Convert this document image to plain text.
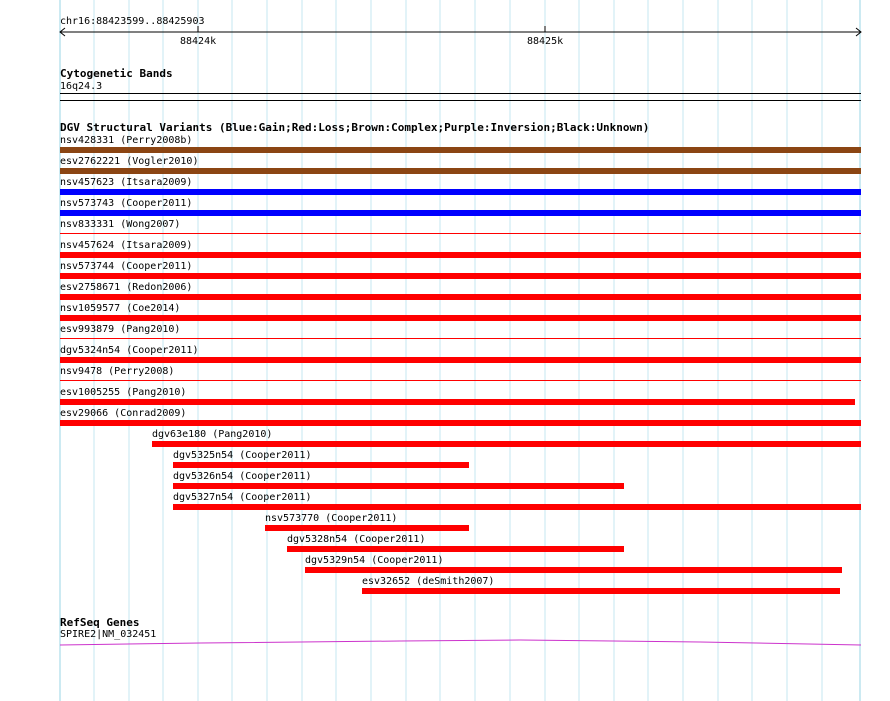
chr16:88423599..88425903
88424k	88425k
Cytogenetic Bands
16q24.3
DGV Structural Variants (Blue:Gain;Red:Loss;Brown:Complex;Purple:Inversion;Black:Unknown)
nsv428331 (Perry2008b)
esv2762221 (Vogler2010)
nsv457623 (Itsara2009)
nsv573743 (Cooper2011)
nsv833331 (Wong2007)
nsv457624 (Itsara2009)
nsv573744 (Cooper2011)
esv2758671 (Redon2006)
nsv1059577 (Coe2014)
esv993879 (Pang2010)
dgv5324n54 (Cooper2011)
nsv9478 (Perry2008)
esv1005255 (Pang2010)
esv29066 (Conrad2009)
dgv63e180 (Pang2010)
dgv5325n54 (Cooper2011)
dgv5326n54 (Cooper2011)
dgv5327n54 (Cooper2011)
nsv573770 (Cooper2011)
dgv5328n54 (Cooper2011)
dgv5329n54 (Cooper2011)
esv32652 (deSmith2007)
RefSeq Genes
SPIRE2|NM_032451
